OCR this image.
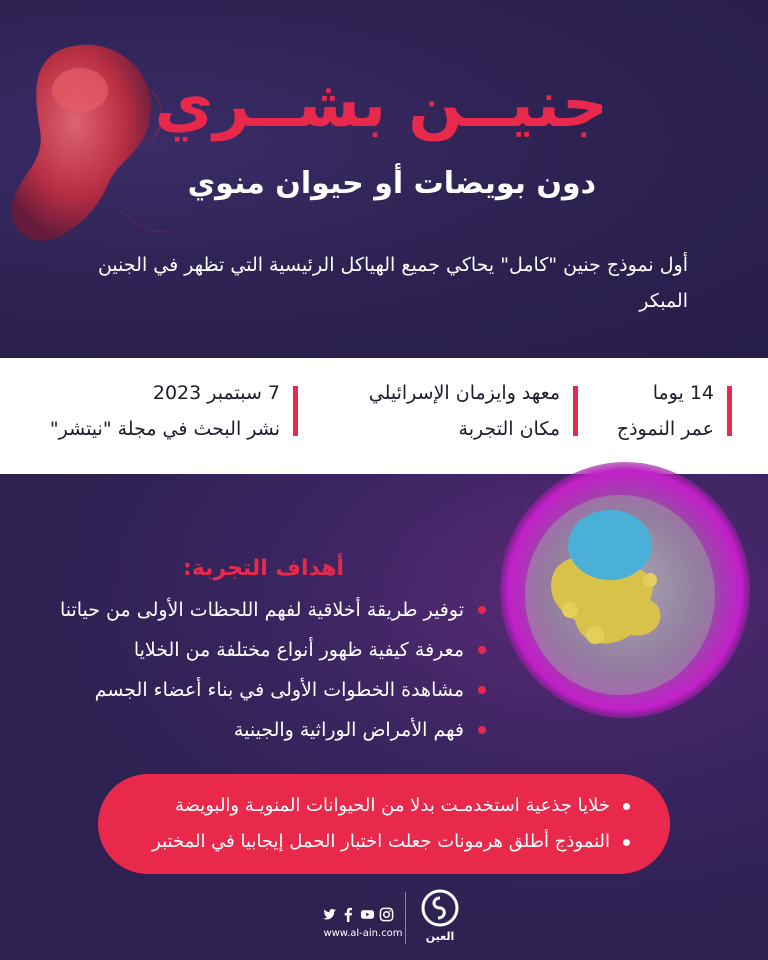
جنيــن بشــري
دون بويضات أو حيوان منوي
أول نموذج جنين "كامل" يحاكي جميع الهياكل الرئيسية التي تظهر في الجنين المبكر
14 يوما
عمر النموذج
معهد وايزمان الإسرائيلي
مكان التجربة
7 سبتمبر 2023
نشر البحث في مجلة "نيتشر"
أهداف التجربة:
توفير طريقة أخلاقية لفهم اللحظات الأولى من حياتنا
معرفة كيفية ظهور أنواع مختلفة من الخلايا
مشاهدة الخطوات الأولى في بناء أعضاء الجسم
فهم الأمراض الوراثية والجينية
خلايا جذعية استخدمـت بدلا من الحيوانات المنويـة والبويضة
النموذج أطلق هرمونات جعلت اختبار الحمل إيجابيا في المختبر
www.al-ain.com	العين
